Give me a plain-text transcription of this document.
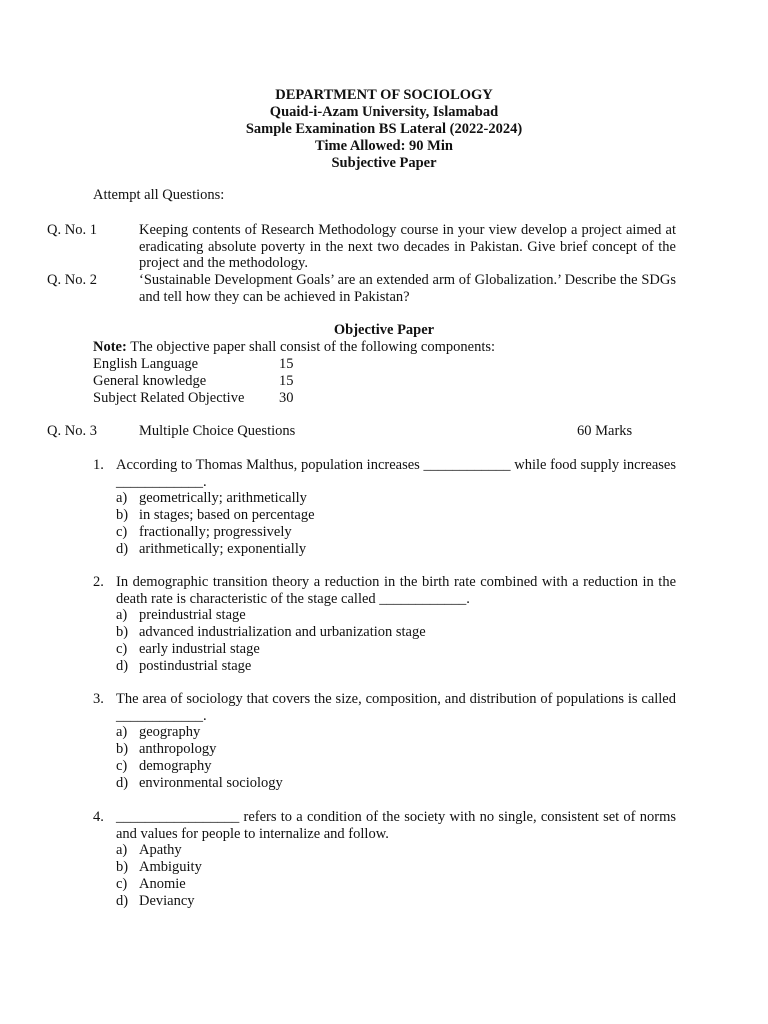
DEPARTMENT OF SOCIOLOGY
Quaid-i-Azam University, Islamabad
Sample Examination BS Lateral (2022-2024)
Time Allowed: 90 Min
Subjective Paper
Attempt all Questions:
Q. No. 1	Keeping contents of Research Methodology course in your view develop a project aimed at eradicating absolute poverty in the next two decades in Pakistan. Give brief concept of the project and the methodology.
Q. No. 2	‘Sustainable Development Goals’ are an extended arm of Globalization.’ Describe the SDGs and tell how they can be achieved in Pakistan?
Objective Paper
Note: The objective paper shall consist of the following components:
English Language	15
General knowledge	15
Subject Related Objective 30
Q. No. 3	Multiple Choice Questions	60 Marks
1. According to Thomas Malthus, population increases ____________ while food supply increases ____________.
a) geometrically; arithmetically
b) in stages; based on percentage
c) fractionally; progressively
d) arithmetically; exponentially
2. In demographic transition theory a reduction in the birth rate combined with a reduction in the death rate is characteristic of the stage called ____________.
a) preindustrial stage
b) advanced industrialization and urbanization stage
c) early industrial stage
d) postindustrial stage
3. The area of sociology that covers the size, composition, and distribution of populations is called ____________.
a) geography
b) anthropology
c) demography
d) environmental sociology
4. _________________ refers to a condition of the society with no single, consistent set of norms and values for people to internalize and follow.
a) Apathy
b) Ambiguity
c) Anomie
d) Deviancy
